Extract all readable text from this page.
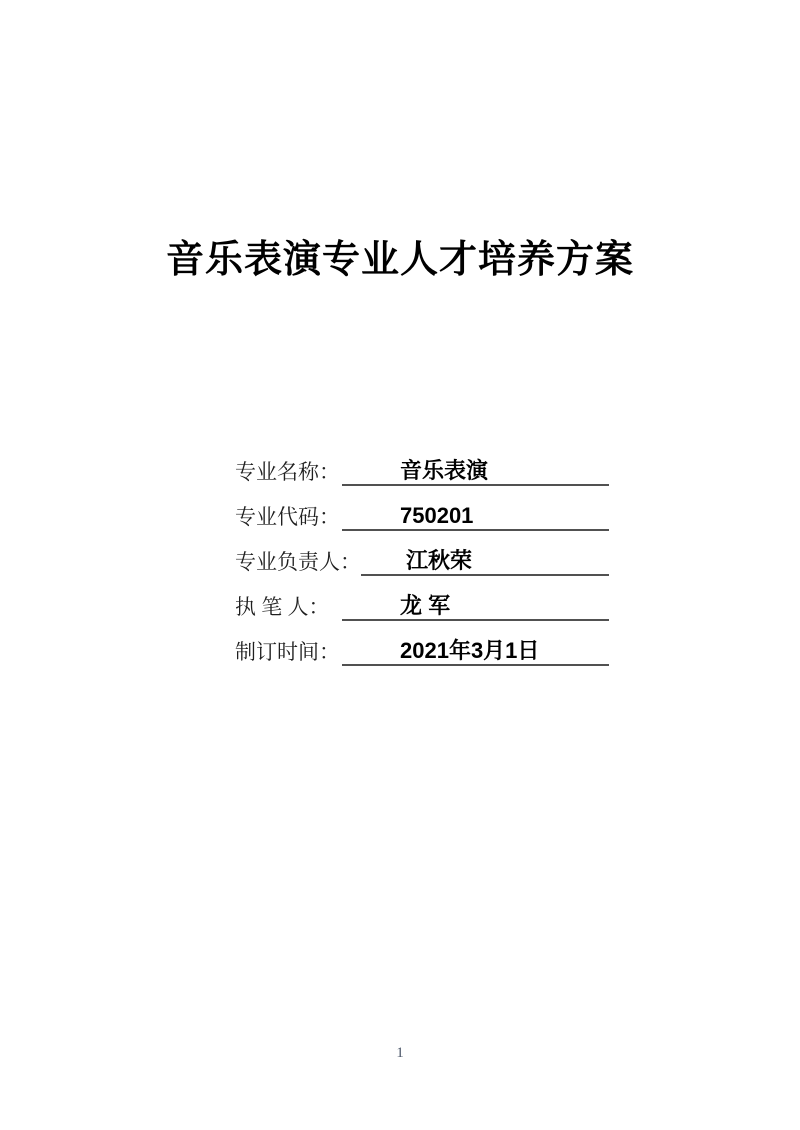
音乐表演专业人才培养方案
专业名称：	音乐表演
专业代码：	750201
专业负责人：	江秋荣
执 笔 人：	龙 军
制订时间：	2021年3月1日
1
